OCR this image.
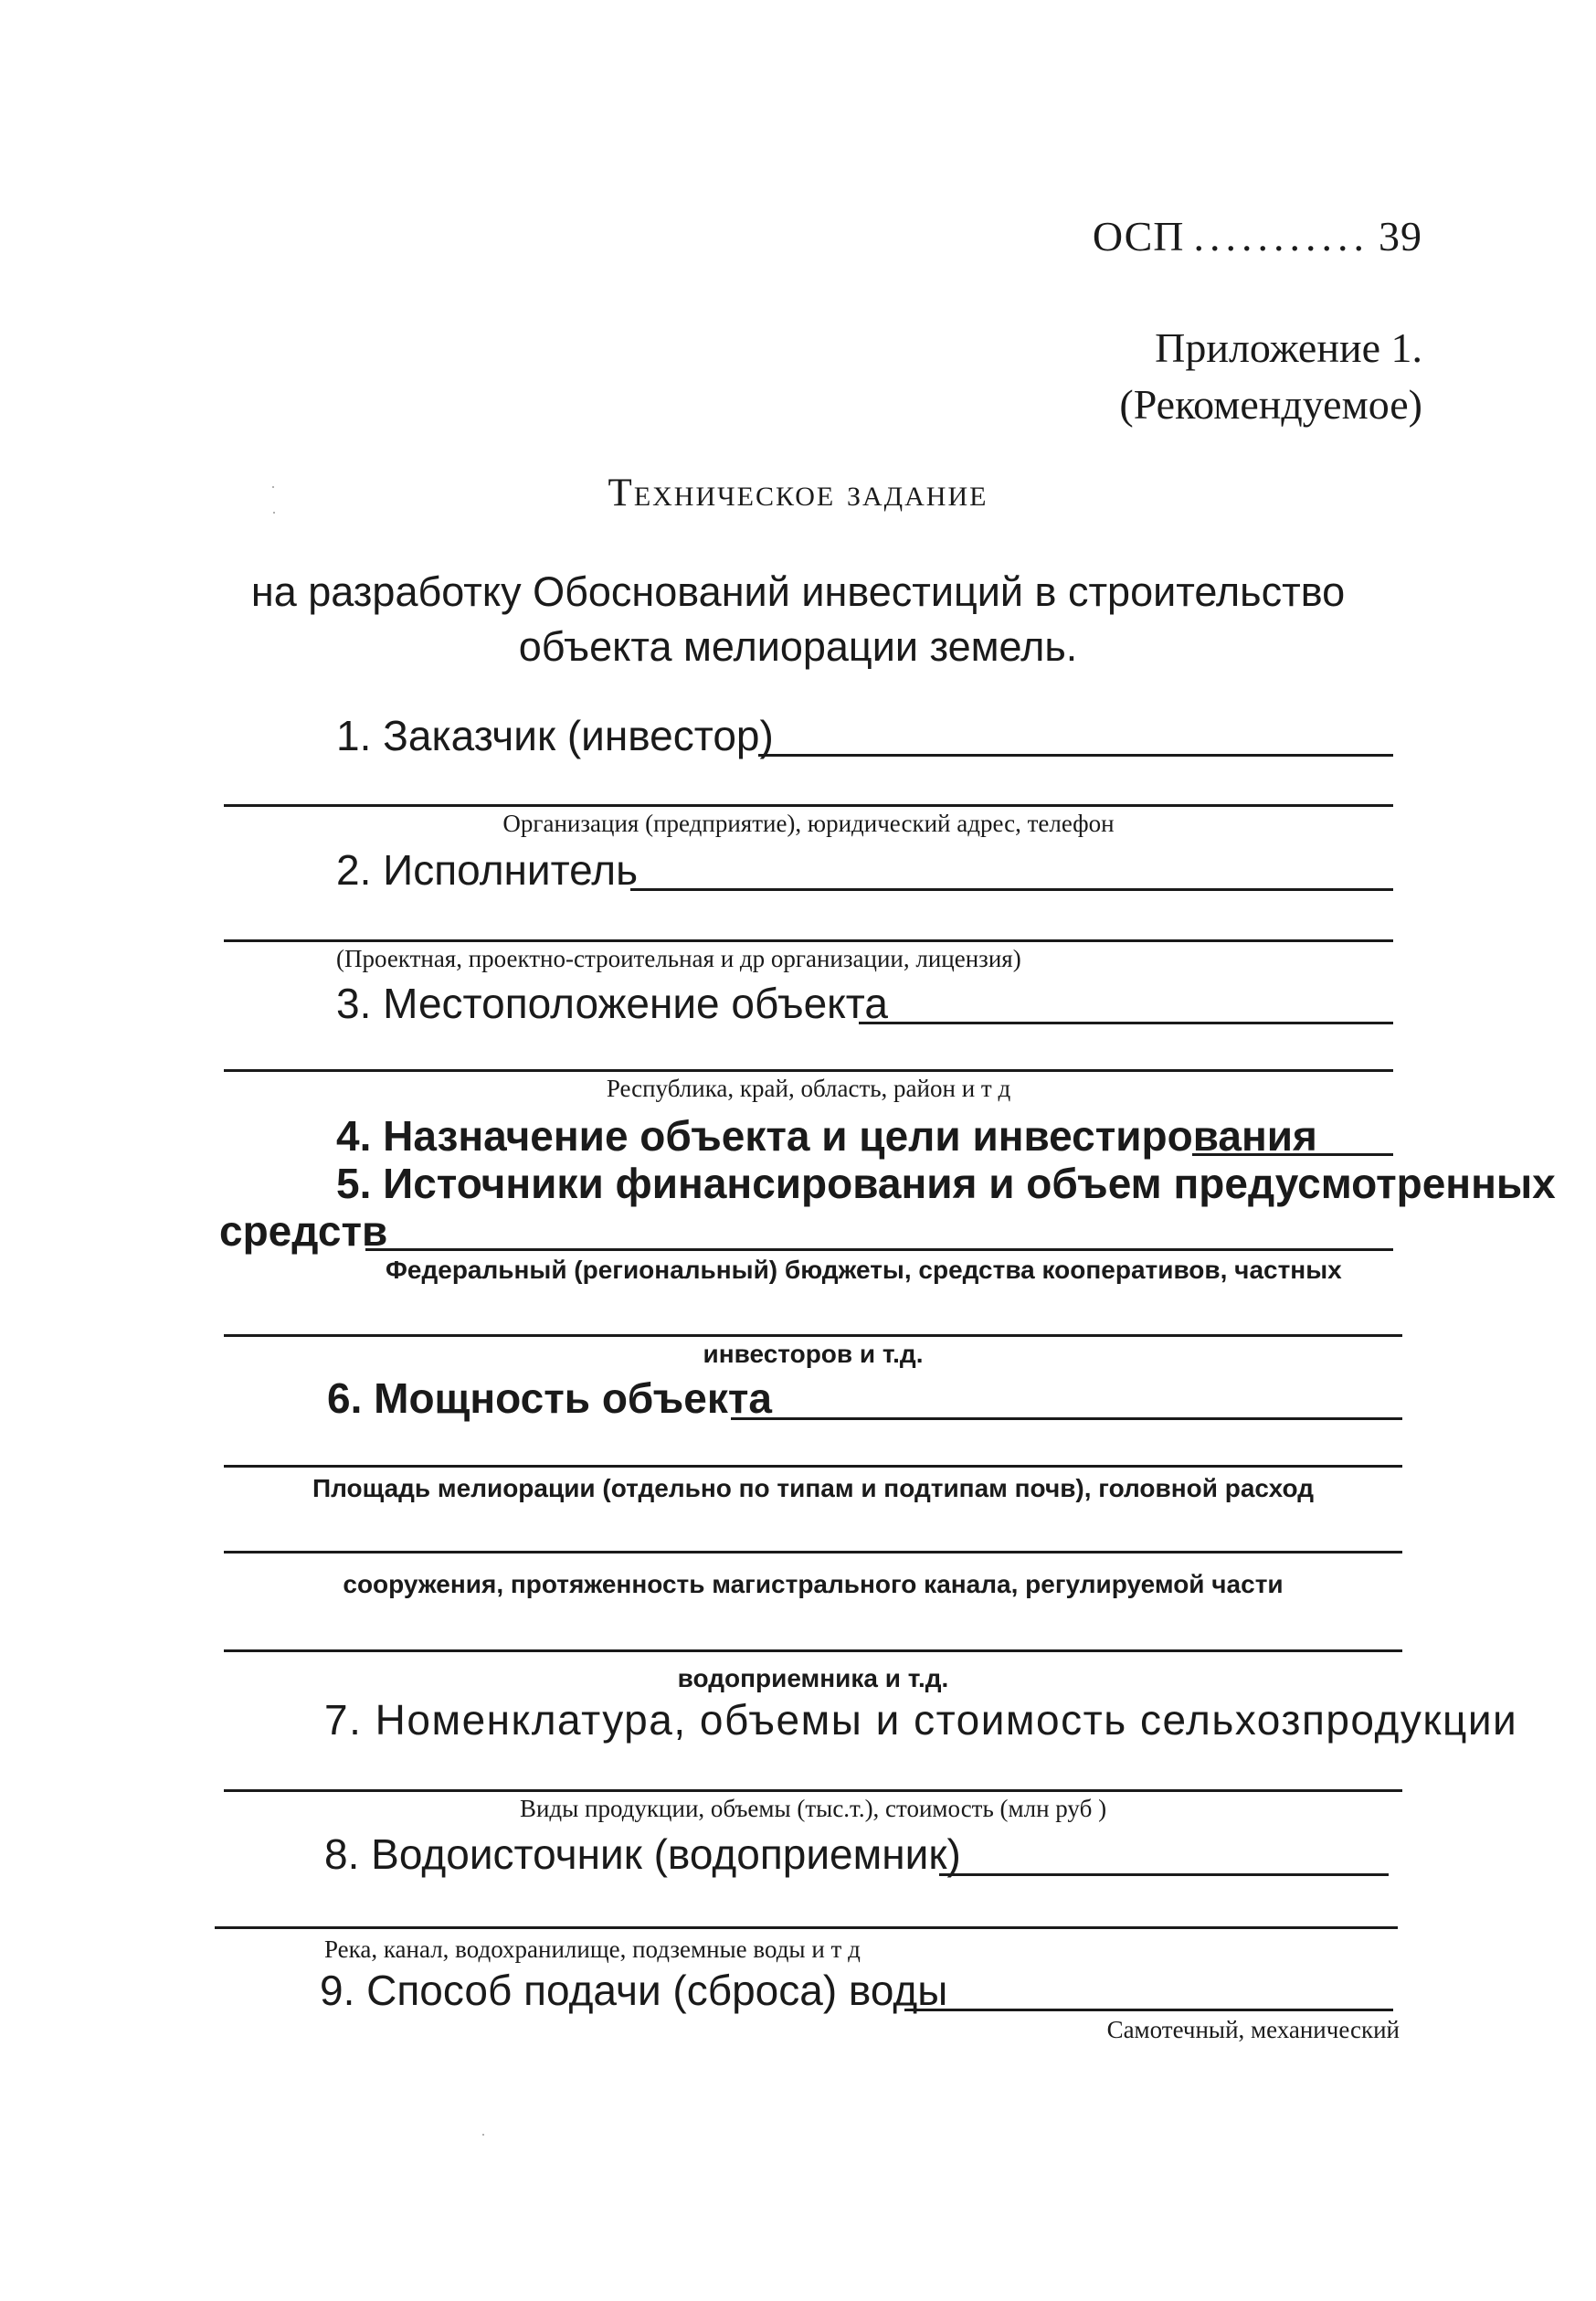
ОСП ........... 39
Приложение 1.
(Рекомендуемое)
Техническое задание
на разработку Обоснований инвестиций в строительство
объекта мелиорации земель.
1. Заказчик (инвестор)
Организация (предприятие), юридический адрес, телефон
2. Исполнитель
(Проектная, проектно-строительная и др организации, лицензия)
3. Местоположение объекта
Республика, край, область, район и т д
4. Назначение объекта и цели инвестирования
5. Источники финансирования и объем предусмотренных
средств
Федеральный (региональный) бюджеты, средства кооперативов, частных
инвесторов и т.д.
6. Мощность объекта
Площадь мелиорации (отдельно по типам и подтипам почв), головной расход
сооружения, протяженность магистрального канала, регулируемой части
водоприемника и т.д.
7. Номенклатура, объемы и стоимость сельхозпродукции
Виды продукции, объемы (тыс.т.), стоимость (млн руб )
8. Водоисточник (водоприемник)
Река, канал, водохранилище, подземные воды и т д
9. Способ подачи (сброса) воды
Самотечный, механический
